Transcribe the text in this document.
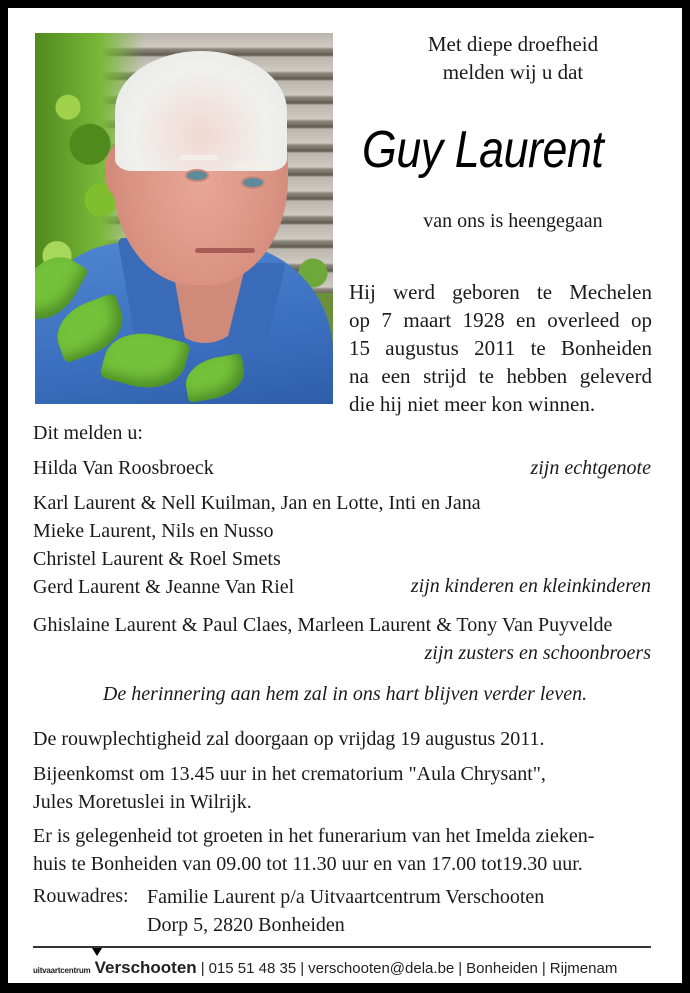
Met diepe droefheid
melden wij u dat
Guy Laurent
van ons is heengegaan
Hij werd geboren te Mechelen
op 7 maart 1928 en overleed op
15 augustus 2011 te Bonheiden
na een strijd te hebben geleverd
die hij niet meer kon winnen.
Dit melden u:
Hilda Van Roosbroeck	zijn echtgenote
Karl Laurent & Nell Kuilman, Jan en Lotte, Inti en Jana
Mieke Laurent, Nils en Nusso
Christel Laurent & Roel Smets
Gerd Laurent & Jeanne Van Riel	zijn kinderen en kleinkinderen
Ghislaine Laurent & Paul Claes, Marleen Laurent & Tony Van Puyvelde
zijn zusters en schoonbroers
De herinnering aan hem zal in ons hart blijven verder leven.
De rouwplechtigheid zal doorgaan op vrijdag 19 augustus 2011.
Bijeenkomst om 13.45 uur in het crematorium "Aula Chrysant",
Jules Moretuslei in Wilrijk.
Er is gelegenheid tot groeten in het funerarium van het Imelda zieken-
huis te Bonheiden van 09.00 tot 11.30 uur en van 17.00 tot19.30 uur.
Rouwadres: Familie Laurent p/a Uitvaartcentrum Verschooten
Dorp 5, 2820 Bonheiden
uitvaartcentrum Verschooten | 015 51 48 35 | verschooten@dela.be | Bonheiden | Rijmenam
